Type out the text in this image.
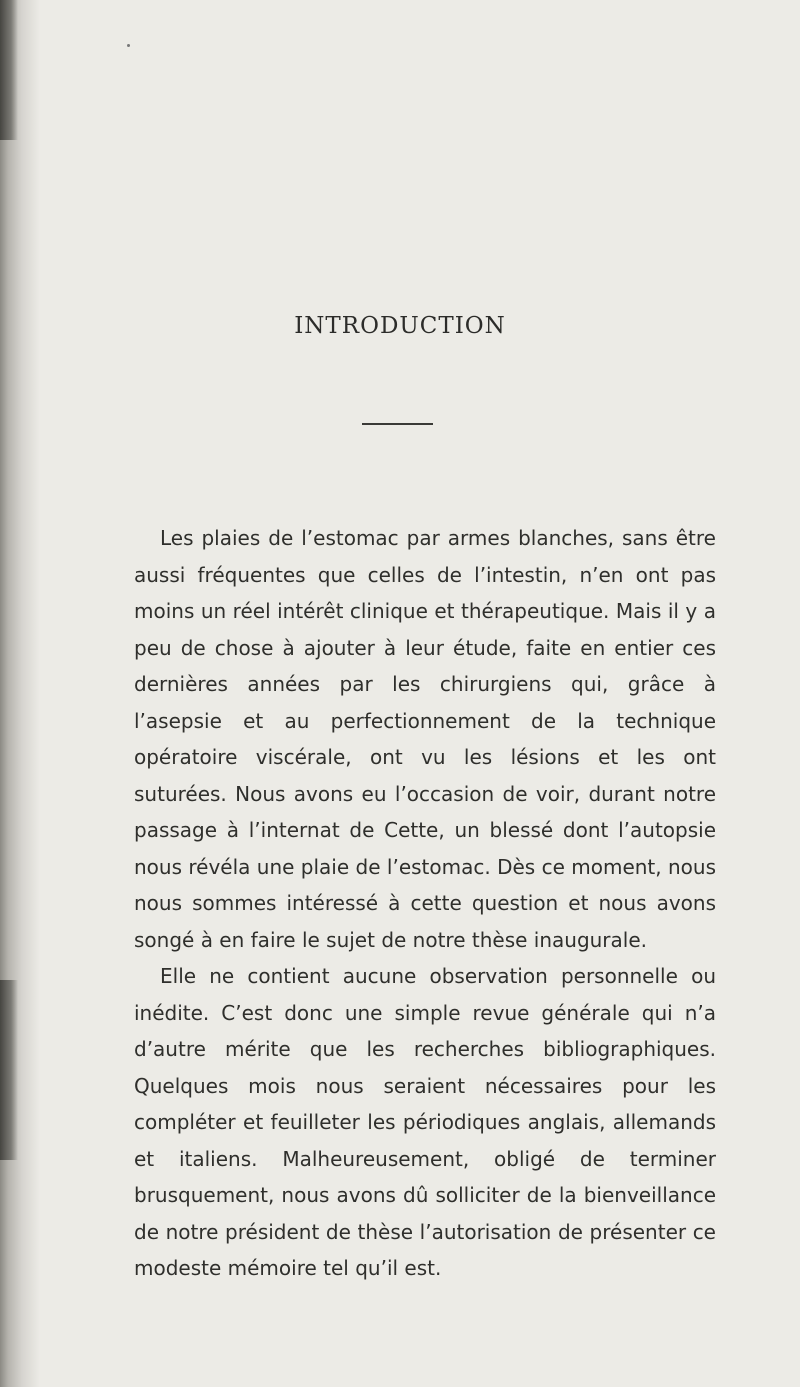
INTRODUCTION

Les plaies de l’estomac par armes blanches, sans être aussi fréquentes que celles de l’intestin, n’en ont pas moins un réel intérêt clinique et thérapeutique. Mais il y a peu de chose à ajouter à leur étude, faite en entier ces dernières années par les chirurgiens qui, grâce à l’asepsie et au perfectionnement de la technique opératoire viscérale, ont vu les lésions et les ont suturées. Nous avons eu l’occasion de voir, durant notre passage à l’internat de Cette, un blessé dont l’autopsie nous révéla une plaie de l’estomac. Dès ce moment, nous nous sommes intéressé à cette question et nous avons songé à en faire le sujet de notre thèse inaugurale.

Elle ne contient aucune observation personnelle ou inédite. C’est donc une simple revue générale qui n’a d’autre mérite que les recherches bibliographiques. Quelques mois nous seraient nécessaires pour les compléter et feuilleter les périodiques anglais, allemands et italiens. Malheureusement, obligé de terminer brusquement, nous avons dû solliciter de la bienveillance de notre président de thèse l’autorisation de présenter ce modeste mémoire tel qu’il est.
